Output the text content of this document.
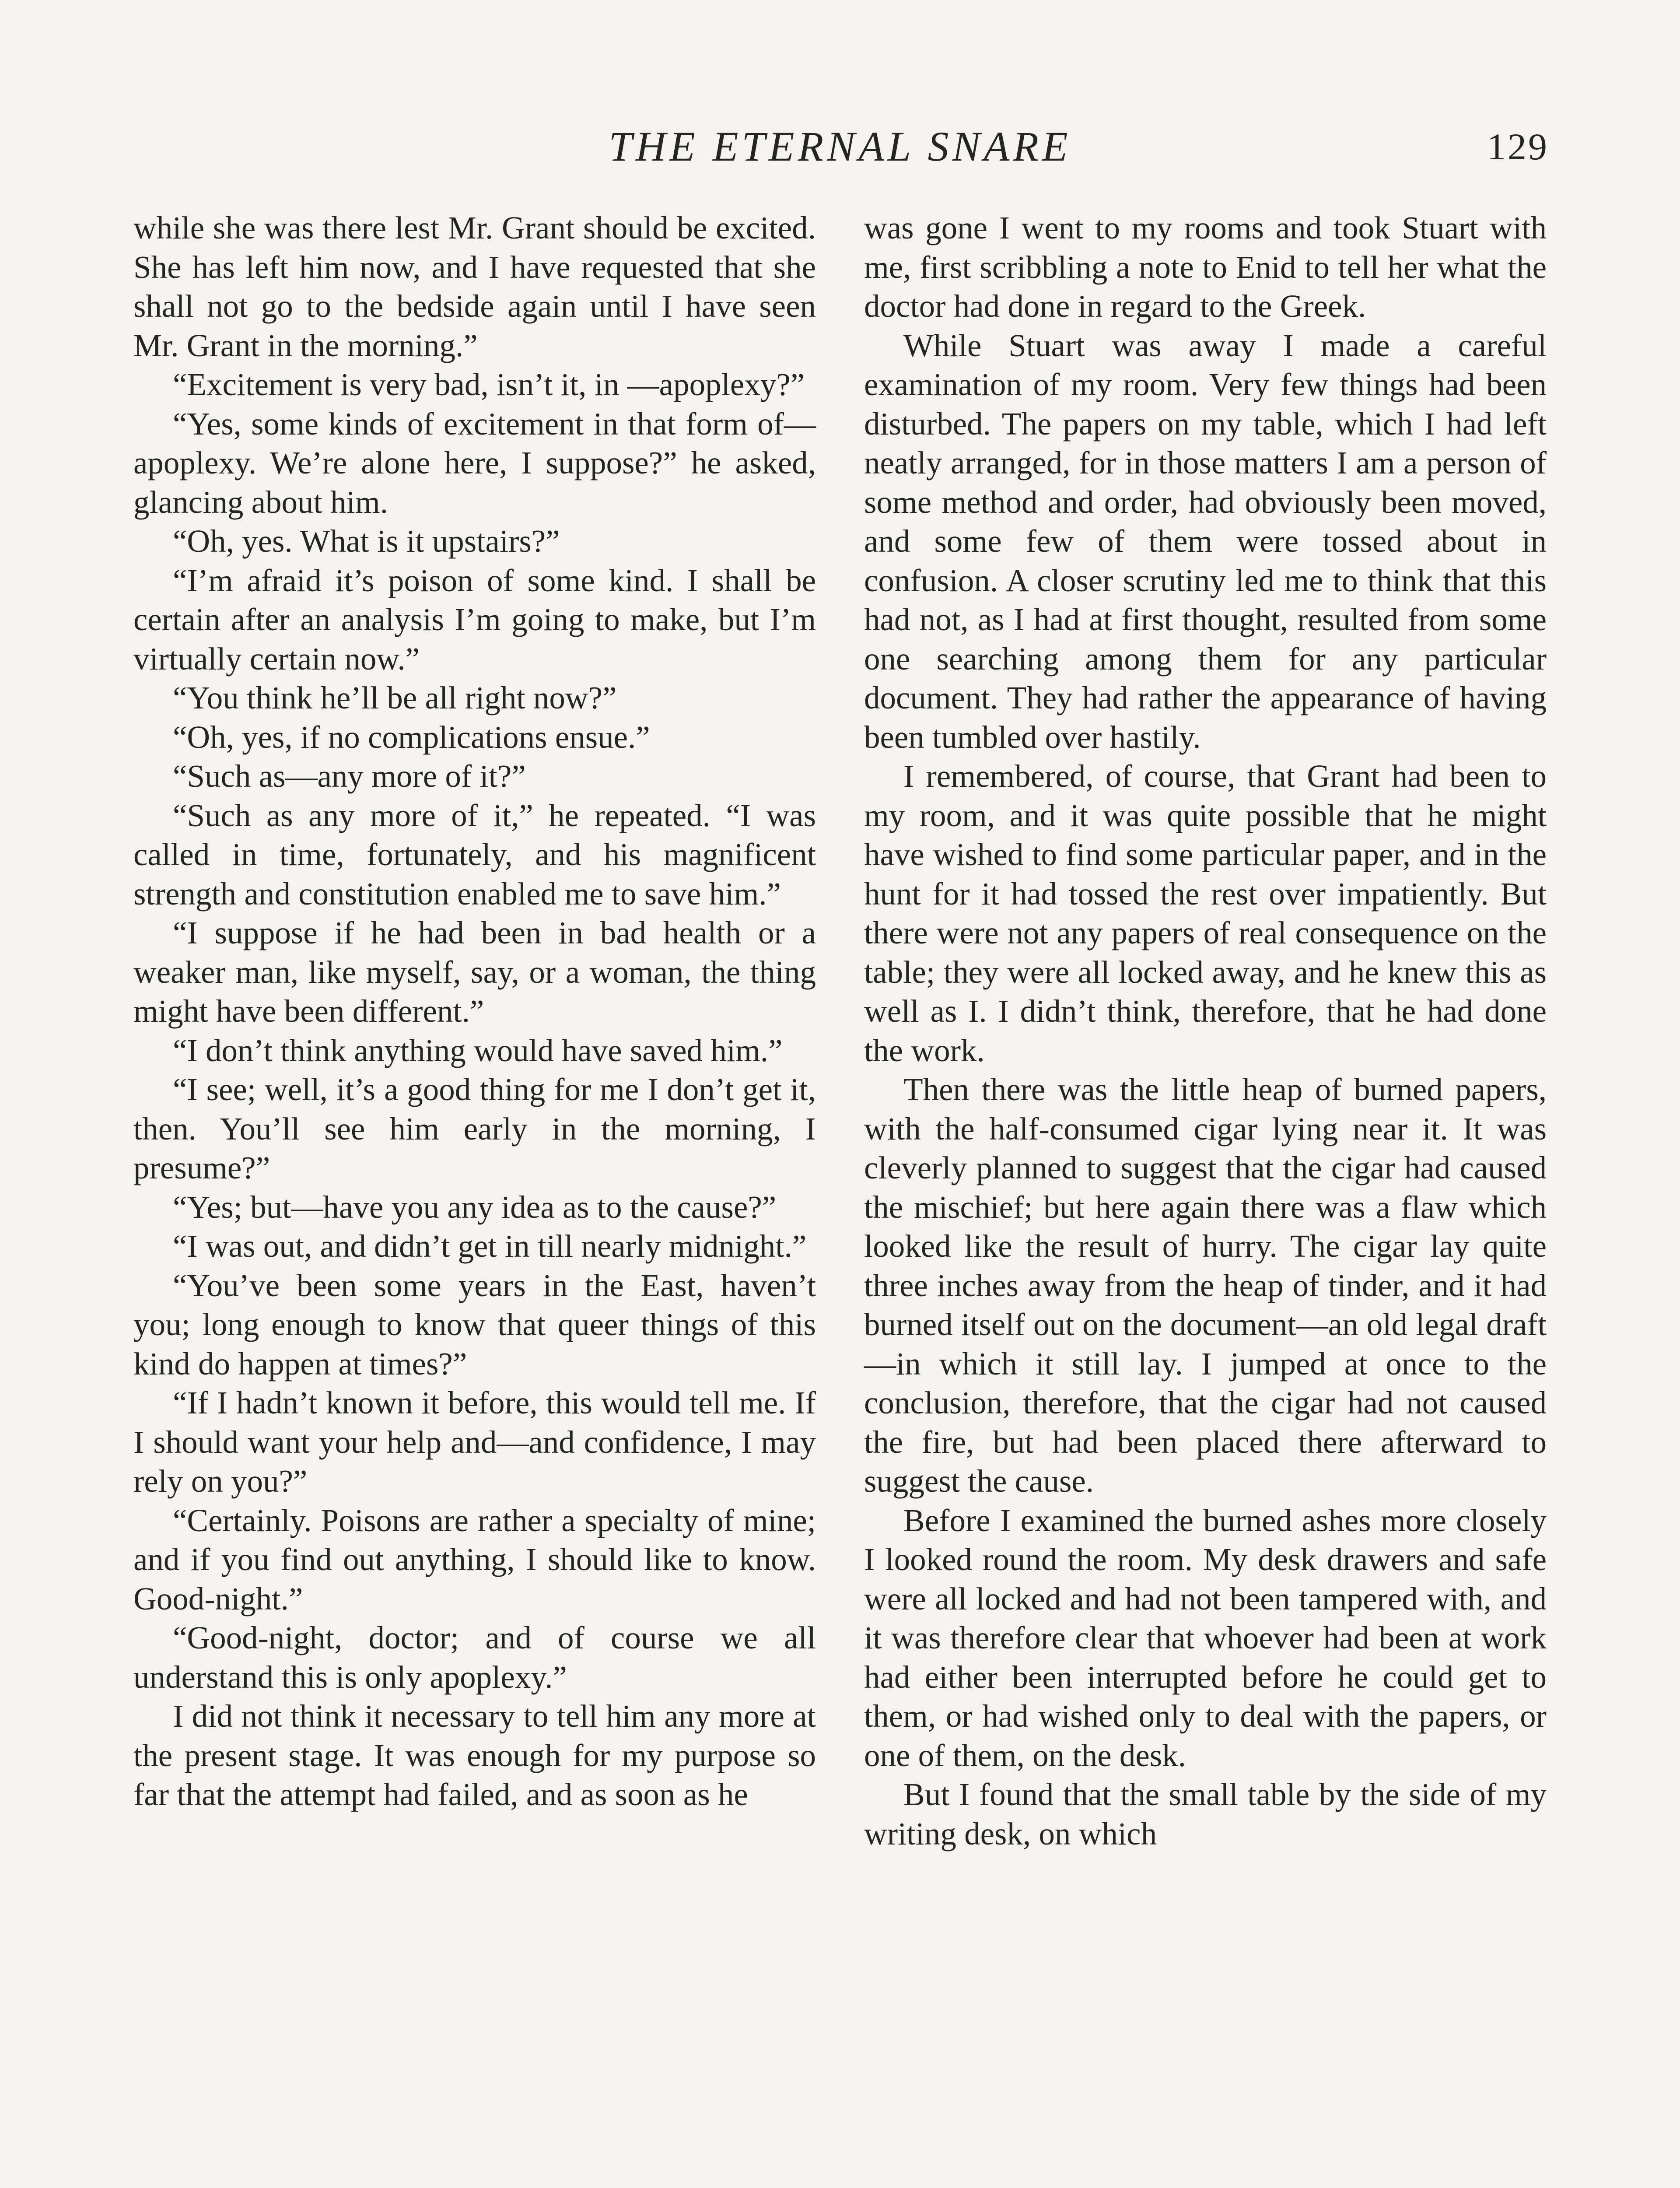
THE ETERNAL SNARE	129

while she was there lest Mr. Grant should be excited. She has left him now, and I have requested that she shall not go to the bedside again until I have seen Mr. Grant in the morning.”

“Excitement is very bad, isn’t it, in —apoplexy?”

“Yes, some kinds of excitement in that form of—apoplexy. We’re alone here, I suppose?” he asked, glancing about him.

“Oh, yes. What is it upstairs?”

“I’m afraid it’s poison of some kind. I shall be certain after an analysis I’m going to make, but I’m virtually certain now.”

“You think he’ll be all right now?”

“Oh, yes, if no complications ensue.”

“Such as—any more of it?”

“Such as any more of it,” he repeated. “I was called in time, fortunately, and his magnificent strength and constitution enabled me to save him.”

“I suppose if he had been in bad health or a weaker man, like myself, say, or a woman, the thing might have been different.”

“I don’t think anything would have saved him.”

“I see; well, it’s a good thing for me I don’t get it, then. You’ll see him early in the morning, I presume?”

“Yes; but—have you any idea as to the cause?”

“I was out, and didn’t get in till nearly midnight.”

“You’ve been some years in the East, haven’t you; long enough to know that queer things of this kind do happen at times?”

“If I hadn’t known it before, this would tell me. If I should want your help and—and confidence, I may rely on you?”

“Certainly. Poisons are rather a specialty of mine; and if you find out anything, I should like to know. Good-night.”

“Good-night, doctor; and of course we all understand this is only apoplexy.”

I did not think it necessary to tell him any more at the present stage. It was enough for my purpose so far that the attempt had failed, and as soon as he

was gone I went to my rooms and took Stuart with me, first scribbling a note to Enid to tell her what the doctor had done in regard to the Greek.

While Stuart was away I made a careful examination of my room. Very few things had been disturbed. The papers on my table, which I had left neatly arranged, for in those matters I am a person of some method and order, had obviously been moved, and some few of them were tossed about in confusion. A closer scrutiny led me to think that this had not, as I had at first thought, resulted from some one searching among them for any particular document. They had rather the appearance of having been tumbled over hastily.

I remembered, of course, that Grant had been to my room, and it was quite possible that he might have wished to find some particular paper, and in the hunt for it had tossed the rest over impatiently. But there were not any papers of real consequence on the table; they were all locked away, and he knew this as well as I. I didn’t think, therefore, that he had done the work.

Then there was the little heap of burned papers, with the half-consumed cigar lying near it. It was cleverly planned to suggest that the cigar had caused the mischief; but here again there was a flaw which looked like the result of hurry. The cigar lay quite three inches away from the heap of tinder, and it had burned itself out on the document—an old legal draft—in which it still lay. I jumped at once to the conclusion, therefore, that the cigar had not caused the fire, but had been placed there afterward to suggest the cause.

Before I examined the burned ashes more closely I looked round the room. My desk drawers and safe were all locked and had not been tampered with, and it was therefore clear that whoever had been at work had either been interrupted before he could get to them, or had wished only to deal with the papers, or one of them, on the desk.

But I found that the small table by the side of my writing desk, on which
